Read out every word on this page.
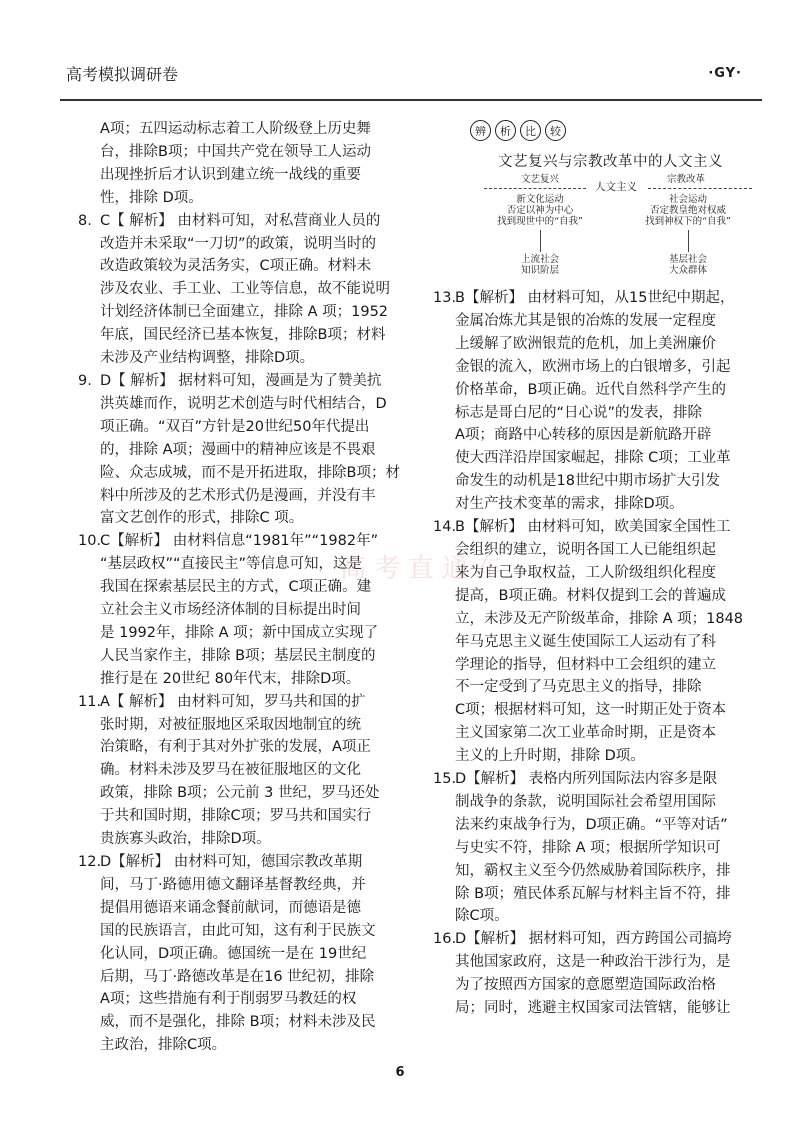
高考模拟调研卷	·GY·
A项；五四运动标志着工人阶级登上历史舞
台，排除B项；中国共产党在领导工人运动
出现挫折后才认识到建立统一战线的重要
性，排除 D项。
8. C【 解析】 由材料可知，对私营商业人员的
改造并未采取“一刀切”的政策，说明当时的
改造政策较为灵活务实，C项正确。材料未
涉及农业、手工业、工业等信息，故不能说明
计划经济体制已全面建立，排除 A 项；1952
年底，国民经济已基本恢复，排除B项；材料
未涉及产业结构调整，排除D项。
9. D【 解析】 据材料可知，漫画是为了赞美抗
洪英雄而作，说明艺术创造与时代相结合，D
项正确。“双百”方针是20世纪50年代提出
的，排除 A项；漫画中的精神应该是不畏艰
险、众志成城，而不是开拓进取，排除B项；材
料中所涉及的艺术形式仍是漫画，并没有丰
富文艺创作的形式，排除C 项。
10.C【解析】 由材料信息“1981年”“1982年”
“基层政权”“直接民主”等信息可知，这是
我国在探索基层民主的方式，C项正确。建
立社会主义市场经济体制的目标提出时间
是 1992年，排除 A 项；新中国成立实现了
人民当家作主，排除 B项；基层民主制度的
推行是在 20世纪 80年代末，排除D项。
11.A【 解析】 由材料可知，罗马共和国的扩
张时期，对被征服地区采取因地制宜的统
治策略，有利于其对外扩张的发展，A项正
确。材料未涉及罗马在被征服地区的文化
政策，排除 B项；公元前 3 世纪，罗马还处
于共和国时期，排除C项；罗马共和国实行
贵族寡头政治，排除D项。
12.D【解析】 由材料可知，德国宗教改革期
间，马丁·路德用德文翻译基督教经典，并
提倡用德语来诵念餐前献词，而德语是德
国的民族语言，由此可知，这有利于民族文
化认同，D项正确。德国统一是在 19世纪
后期，马丁·路德改革是在16 世纪初，排除
A项；这些措施有利于削弱罗马教廷的权
威，而不是强化，排除 B项；材料未涉及民
主政治，排除C项。
辨	析	比	较
文艺复兴与宗教改革中的人文主义
文艺复兴
人文主义
宗教改革
新文化运动
否定以神为中心
找到现世中的“自我”
社会运动
否定教皇绝对权威
找到神权下的“自我”
上流社会
知识阶层
基层社会
大众群体
13.B【解析】 由材料可知，从15世纪中期起，
金属冶炼尤其是银的冶炼的发展一定程度
上缓解了欧洲银荒的危机，加上美洲廉价
金银的流入，欧洲市场上的白银增多，引起
价格革命，B项正确。近代自然科学产生的
标志是哥白尼的“日心说”的发表，排除
A项；商路中心转移的原因是新航路开辟
使大西洋沿岸国家崛起，排除 C项；工业革
命发生的动机是18世纪中期市场扩大引发
对生产技术变革的需求，排除D项。
14.B【解析】 由材料可知，欧美国家全国性工
会组织的建立，说明各国工人已能组织起
来为自己争取权益，工人阶级组织化程度
提高，B项正确。材料仅提到工会的普遍成
立，未涉及无产阶级革命，排除 A 项；1848
年马克思主义诞生使国际工人运动有了科
学理论的指导，但材料中工会组织的建立
不一定受到了马克思主义的指导，排除
C项；根据材料可知，这一时期正处于资本
主义国家第二次工业革命时期，正是资本
主义的上升时期，排除 D项。
15.D【解析】 表格内所列国际法内容多是限
制战争的条款，说明国际社会希望用国际
法来约束战争行为，D项正确。“平等对话”
与史实不符，排除 A 项；根据所学知识可
知，霸权主义至今仍然威胁着国际秩序，排
除 B项；殖民体系瓦解与材料主旨不符，排
除C项。
16.D【解析】 据材料可知，西方跨国公司搞垮
其他国家政府，这是一种政治干涉行为，是
为了按照西方国家的意愿塑造国际政治格
局；同时，逃避主权国家司法管辖，能够让
高考直通车
6
